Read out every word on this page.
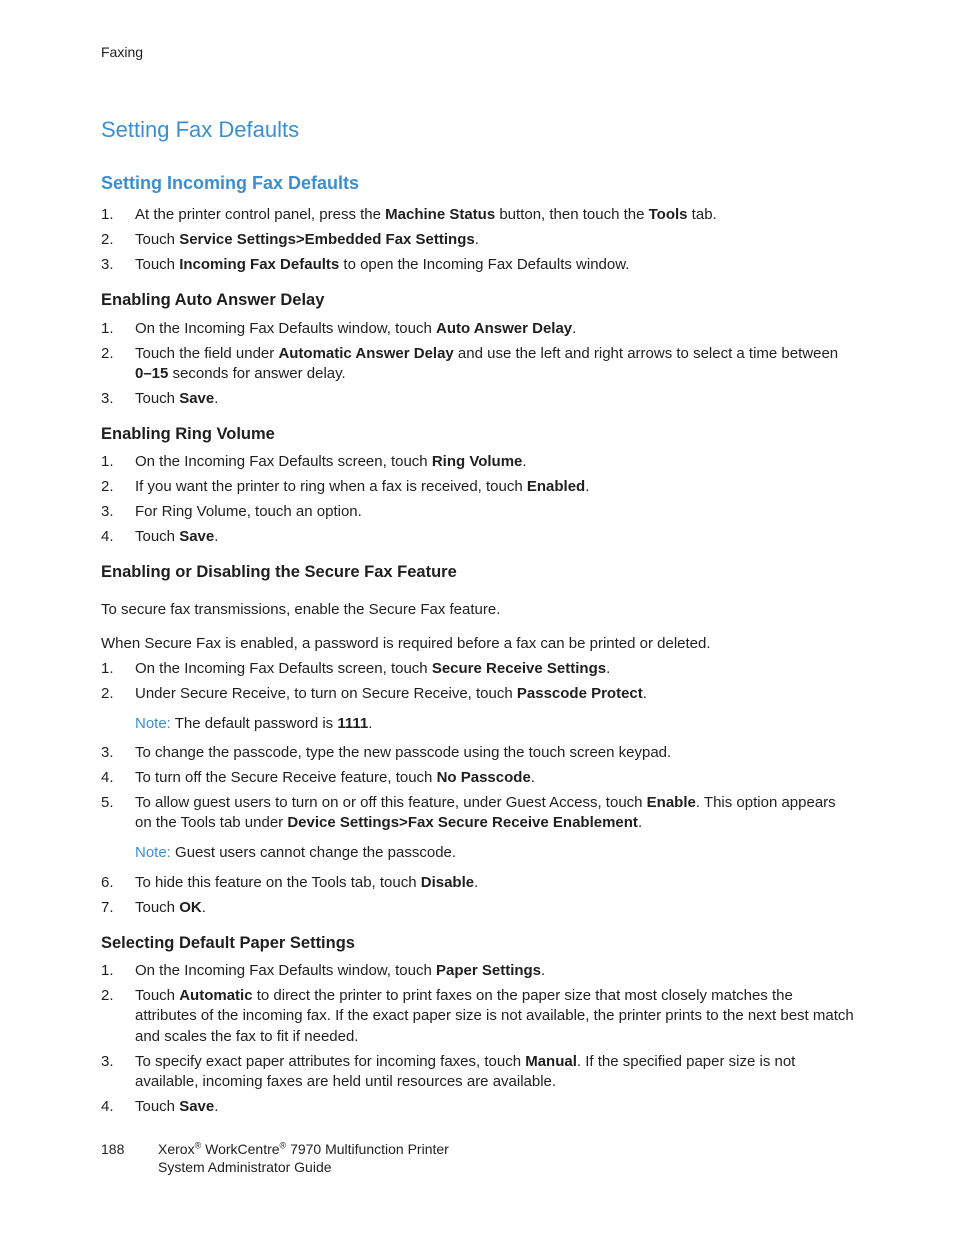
Faxing
Setting Fax Defaults
Setting Incoming Fax Defaults
1. At the printer control panel, press the Machine Status button, then touch the Tools tab.
2. Touch Service Settings>Embedded Fax Settings.
3. Touch Incoming Fax Defaults to open the Incoming Fax Defaults window.
Enabling Auto Answer Delay
1. On the Incoming Fax Defaults window, touch Auto Answer Delay.
2. Touch the field under Automatic Answer Delay and use the left and right arrows to select a time between 0–15 seconds for answer delay.
3. Touch Save.
Enabling Ring Volume
1. On the Incoming Fax Defaults screen, touch Ring Volume.
2. If you want the printer to ring when a fax is received, touch Enabled.
3. For Ring Volume, touch an option.
4. Touch Save.
Enabling or Disabling the Secure Fax Feature
To secure fax transmissions, enable the Secure Fax feature.
When Secure Fax is enabled, a password is required before a fax can be printed or deleted.
1. On the Incoming Fax Defaults screen, touch Secure Receive Settings.
2. Under Secure Receive, to turn on Secure Receive, touch Passcode Protect.
3. To change the passcode, type the new passcode using the touch screen keypad.
4. To turn off the Secure Receive feature, touch No Passcode.
5. To allow guest users to turn on or off this feature, under Guest Access, touch Enable. This option appears on the Tools tab under Device Settings>Fax Secure Receive Enablement.
6. To hide this feature on the Tools tab, touch Disable.
7. Touch OK.
Note: The default password is 1111.
Note: Guest users cannot change the passcode.
Selecting Default Paper Settings
1. On the Incoming Fax Defaults window, touch Paper Settings.
2. Touch Automatic to direct the printer to print faxes on the paper size that most closely matches the attributes of the incoming fax. If the exact paper size is not available, the printer prints to the next best match and scales the fax to fit if needed.
3. To specify exact paper attributes for incoming faxes, touch Manual. If the specified paper size is not available, incoming faxes are held until resources are available.
4. Touch Save.
188 Xerox® WorkCentre® 7970 Multifunction Printer
System Administrator Guide
